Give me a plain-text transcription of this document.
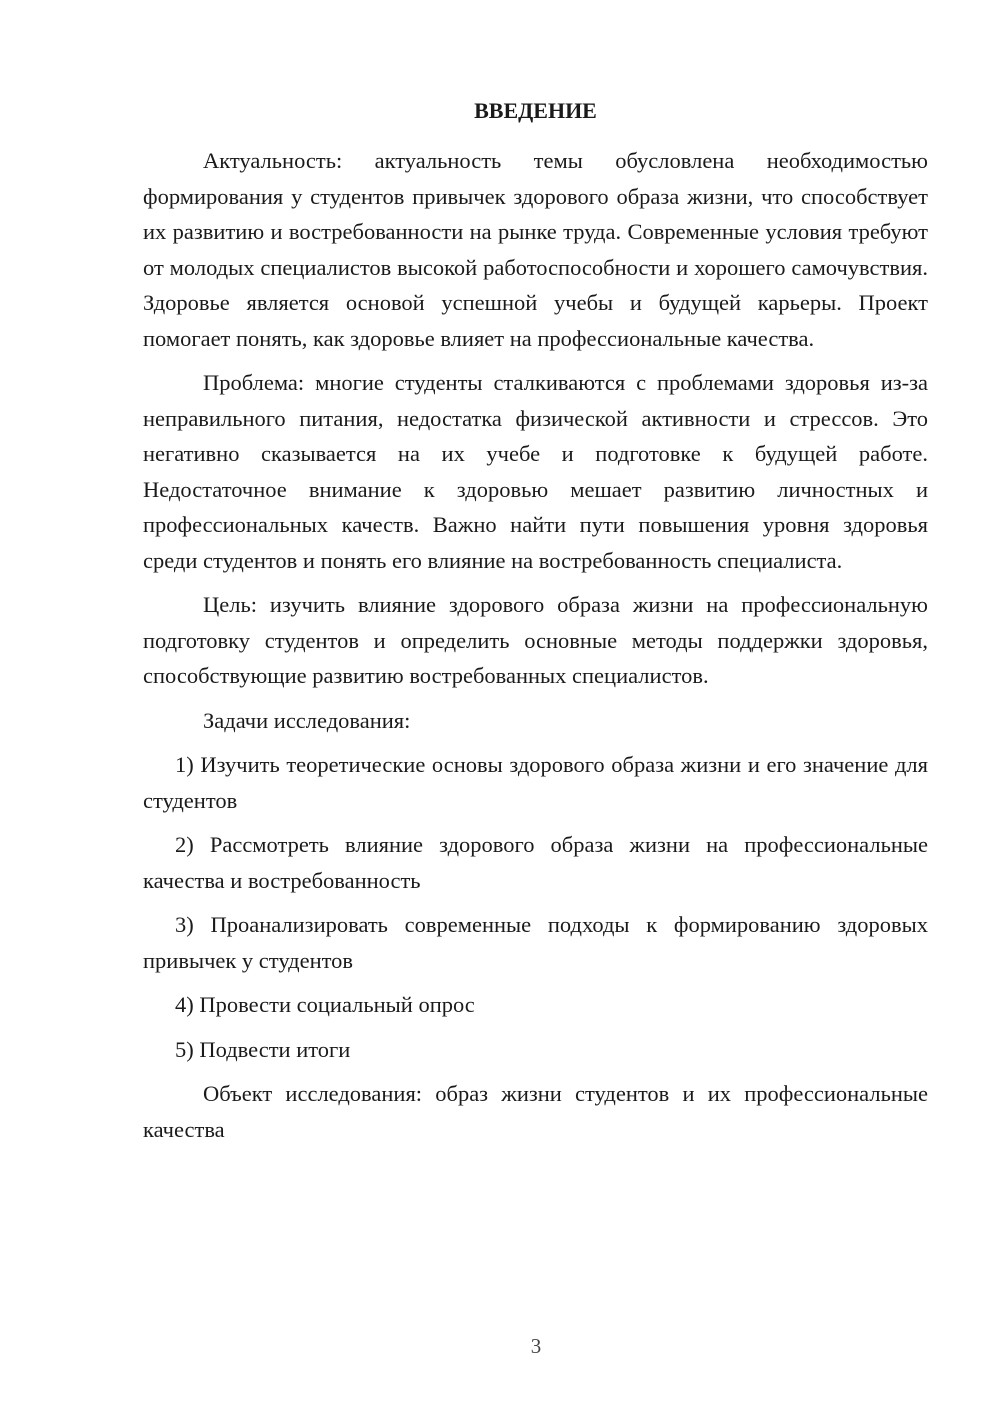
ВВЕДЕНИЕ

Актуальность: актуальность темы обусловлена необходимостью формирования у студентов привычек здорового образа жизни, что способствует их развитию и востребованности на рынке труда. Современные условия требуют от молодых специалистов высокой работоспособности и хорошего самочувствия. Здоровье является основой успешной учебы и будущей карьеры. Проект помогает понять, как здоровье влияет на профессиональные качества.

Проблема: многие студенты сталкиваются с проблемами здоровья из-за неправильного питания, недостатка физической активности и стрессов. Это негативно сказывается на их учебе и подготовке к будущей работе. Недостаточное внимание к здоровью мешает развитию личностных и профессиональных качеств. Важно найти пути повышения уровня здоровья среди студентов и понять его влияние на востребованность специалиста.

Цель: изучить влияние здорового образа жизни на профессиональную подготовку студентов и определить основные методы поддержки здоровья, способствующие развитию востребованных специалистов.

Задачи исследования:

1) Изучить теоретические основы здорового образа жизни и его значение для студентов

2) Рассмотреть влияние здорового образа жизни на профессиональные качества и востребованность

3) Проанализировать современные подходы к формированию здоровых привычек у студентов

4) Провести социальный опрос

5) Подвести итоги

Объект исследования: образ жизни студентов и их профессиональные качества

3
